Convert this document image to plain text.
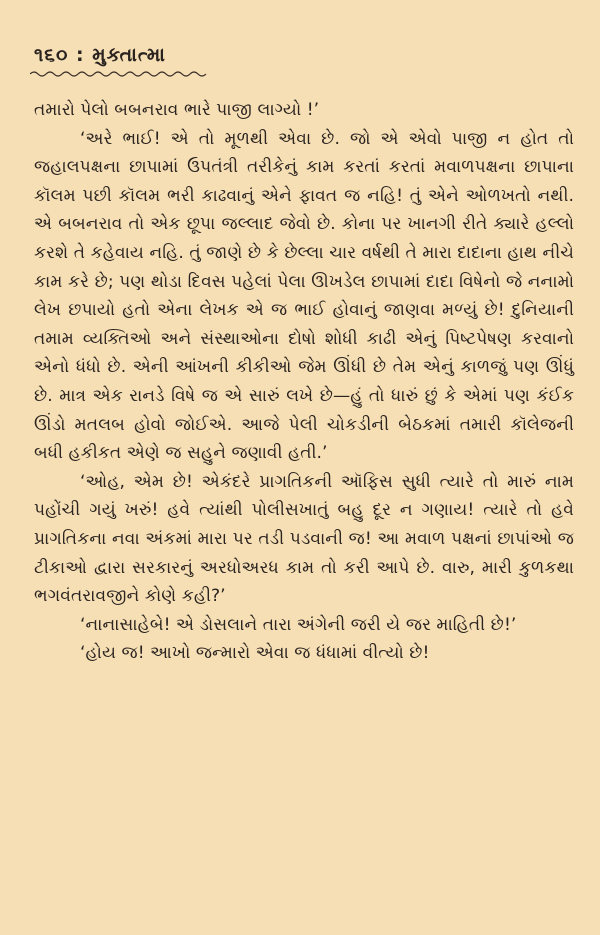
૧૬૦ : મુક્તાત્મા

તમારો પેલો બબનરાવ ભારે પાજી લાગ્યો !’

‘અરે ભાઈ! એ તો મૂળથી એવા છે. જો એ એવો પાજી ન હોત તો જહાલપક્ષના છાપામાં ઉપતંત્રી તરીકેનું કામ કરતાં કરતાં મવાળપક્ષના છાપાના કૉલમ પછી કૉલમ ભરી કાઢવાનું એને ફાવત જ નહિ! તું એને ઓળખતો નથી. એ બબનરાવ તો એક છૂપા જલ્લાદ જેવો છે. કોના પર ખાનગી રીતે ક્યારે હલ્લો કરશે તે કહેવાય નહિ. તું જાણે છે કે છેલ્લા ચાર વર્ષથી તે મારા દાદાના હાથ નીચે કામ કરે છે; પણ થોડા દિવસ પહેલાં પેલા ઊખડેલ છાપામાં દાદા વિષેનો જે નનામો લેખ છપાયો હતો એના લેખક એ જ ભાઈ હોવાનું જાણવા મળ્યું છે! દુનિયાની તમામ વ્યક્તિઓ અને સંસ્થાઓના દોષો શોધી કાઢી એનું પિષ્ટપેષણ કરવાનો એનો ધંધો છે. એની આંખની કીકીઓ જેમ ઊંધી છે તેમ એનું કાળજું પણ ઊંધું છે. માત્ર એક રાનડે વિષે જ એ સારું લખે છે—હું તો ધારું છું કે એમાં પણ કંઈક ઊંડો મતલબ હોવો જોઈએ. આજે પેલી ચોકડીની બેઠકમાં તમારી કૉલેજની બધી હકીકત એણે જ સહુને જણાવી હતી.’

‘ઓહ, એમ છે! એકંદરે પ્રાગતિકની ઑફિસ સુધી ત્યારે તો મારું નામ પહોંચી ગયું ખરું! હવે ત્યાંથી પોલીસખાતું બહુ દૂર ન ગણાય! ત્યારે તો હવે પ્રાગતિકના નવા અંકમાં મારા પર તડી પડવાની જ! આ મવાળ પક્ષનાં છાપાંઓ જ ટીકાઓ દ્વારા સરકારનું અરધોઅરધ કામ તો કરી આપે છે. વારુ, મારી કુળકથા ભગવંતરાવજીને કોણે કહી?’

‘નાનાસાહેબે! એ ડોસલાને તારા અંગેની જરી યે જર માહિતી છે!’

‘હોય જ! આખો જન્મારો એવા જ ધંધામાં વીત્યો છે!
